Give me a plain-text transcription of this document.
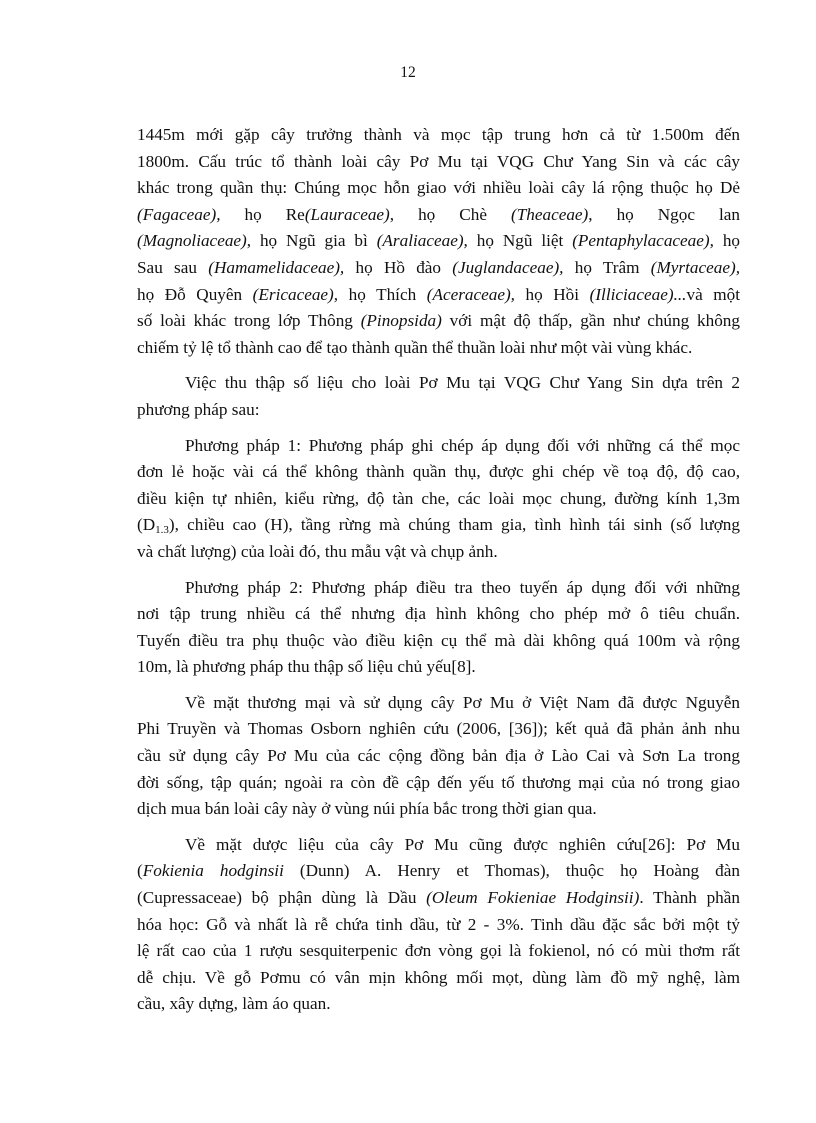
12

1445m mới gặp cây trưởng thành và mọc tập trung hơn cả từ 1.500m đến
1800m. Cấu trúc tổ thành loài cây Pơ Mu tại VQG Chư Yang Sin và các cây
khác trong quần thụ: Chúng mọc hỗn giao với nhiều loài cây lá rộng thuộc họ Dẻ
(Fagaceae), họ Re(Lauraceae), họ Chè (Theaceae), họ Ngọc lan
(Magnoliaceae), họ Ngũ gia bì (Araliaceae), họ Ngũ liệt (Pentaphylacaceae), họ
Sau sau (Hamamelidaceae), họ Hồ đào (Juglandaceae), họ Trâm (Myrtaceae),
họ Đỗ Quyên (Ericaceae), họ Thích (Aceraceae), họ Hồi (Illiciaceae)...và một
số loài khác trong lớp Thông (Pinopsida) với mật độ thấp, gần như chúng không
chiếm tỷ lệ tổ thành cao để tạo thành quần thể thuần loài như một vài vùng khác.

Việc thu thập số liệu cho loài Pơ Mu tại VQG Chư Yang Sin dựa trên 2
phương pháp sau:

Phương pháp 1: Phương pháp ghi chép áp dụng đối với những cá thể mọc
đơn lẻ hoặc vài cá thể không thành quần thụ, được ghi chép về toạ độ, độ cao,
điều kiện tự nhiên, kiểu rừng, độ tàn che, các loài mọc chung, đường kính 1,3m
$(D_{1.3})$, chiều cao (H), tầng rừng mà chúng tham gia, tình hình tái sinh (số lượng
và chất lượng) của loài đó, thu mẫu vật và chụp ảnh.

Phương pháp 2: Phương pháp điều tra theo tuyến áp dụng đối với những
nơi tập trung nhiều cá thể nhưng địa hình không cho phép mở ô tiêu chuẩn.
Tuyến điều tra phụ thuộc vào điều kiện cụ thể mà dài không quá 100m và rộng
10m, là phương pháp thu thập số liệu chủ yếu[8].

Về mặt thương mại và sử dụng cây Pơ Mu ở Việt Nam đã được Nguyễn
Phi Truyền và Thomas Osborn nghiên cứu (2006, [36]); kết quả đã phản ảnh nhu
cầu sử dụng cây Pơ Mu của các cộng đồng bản địa ở Lào Cai và Sơn La trong
đời sống, tập quán; ngoài ra còn đề cập đến yếu tố thương mại của nó trong giao
dịch mua bán loài cây này ở vùng núi phía bắc trong thời gian qua.

Về mặt dược liệu của cây Pơ Mu cũng được nghiên cứu[26]: Pơ Mu
(Fokienia hodginsii (Dunn) A. Henry et Thomas), thuộc họ Hoàng đàn
(Cupressaceae) bộ phận dùng là Dầu (Oleum Fokieniae Hodginsii). Thành phần
hóa học: Gỗ và nhất là rễ chứa tinh dầu, từ 2 - 3%. Tinh dầu đặc sắc bởi một tỷ
lệ rất cao của 1 rượu sesquiterpenic đơn vòng gọi là fokienol, nó có mùi thơm rất
dễ chịu. Về gỗ Pơmu có vân mịn không mối mọt, dùng làm đồ mỹ nghệ, làm
cầu, xây dựng, làm áo quan.
